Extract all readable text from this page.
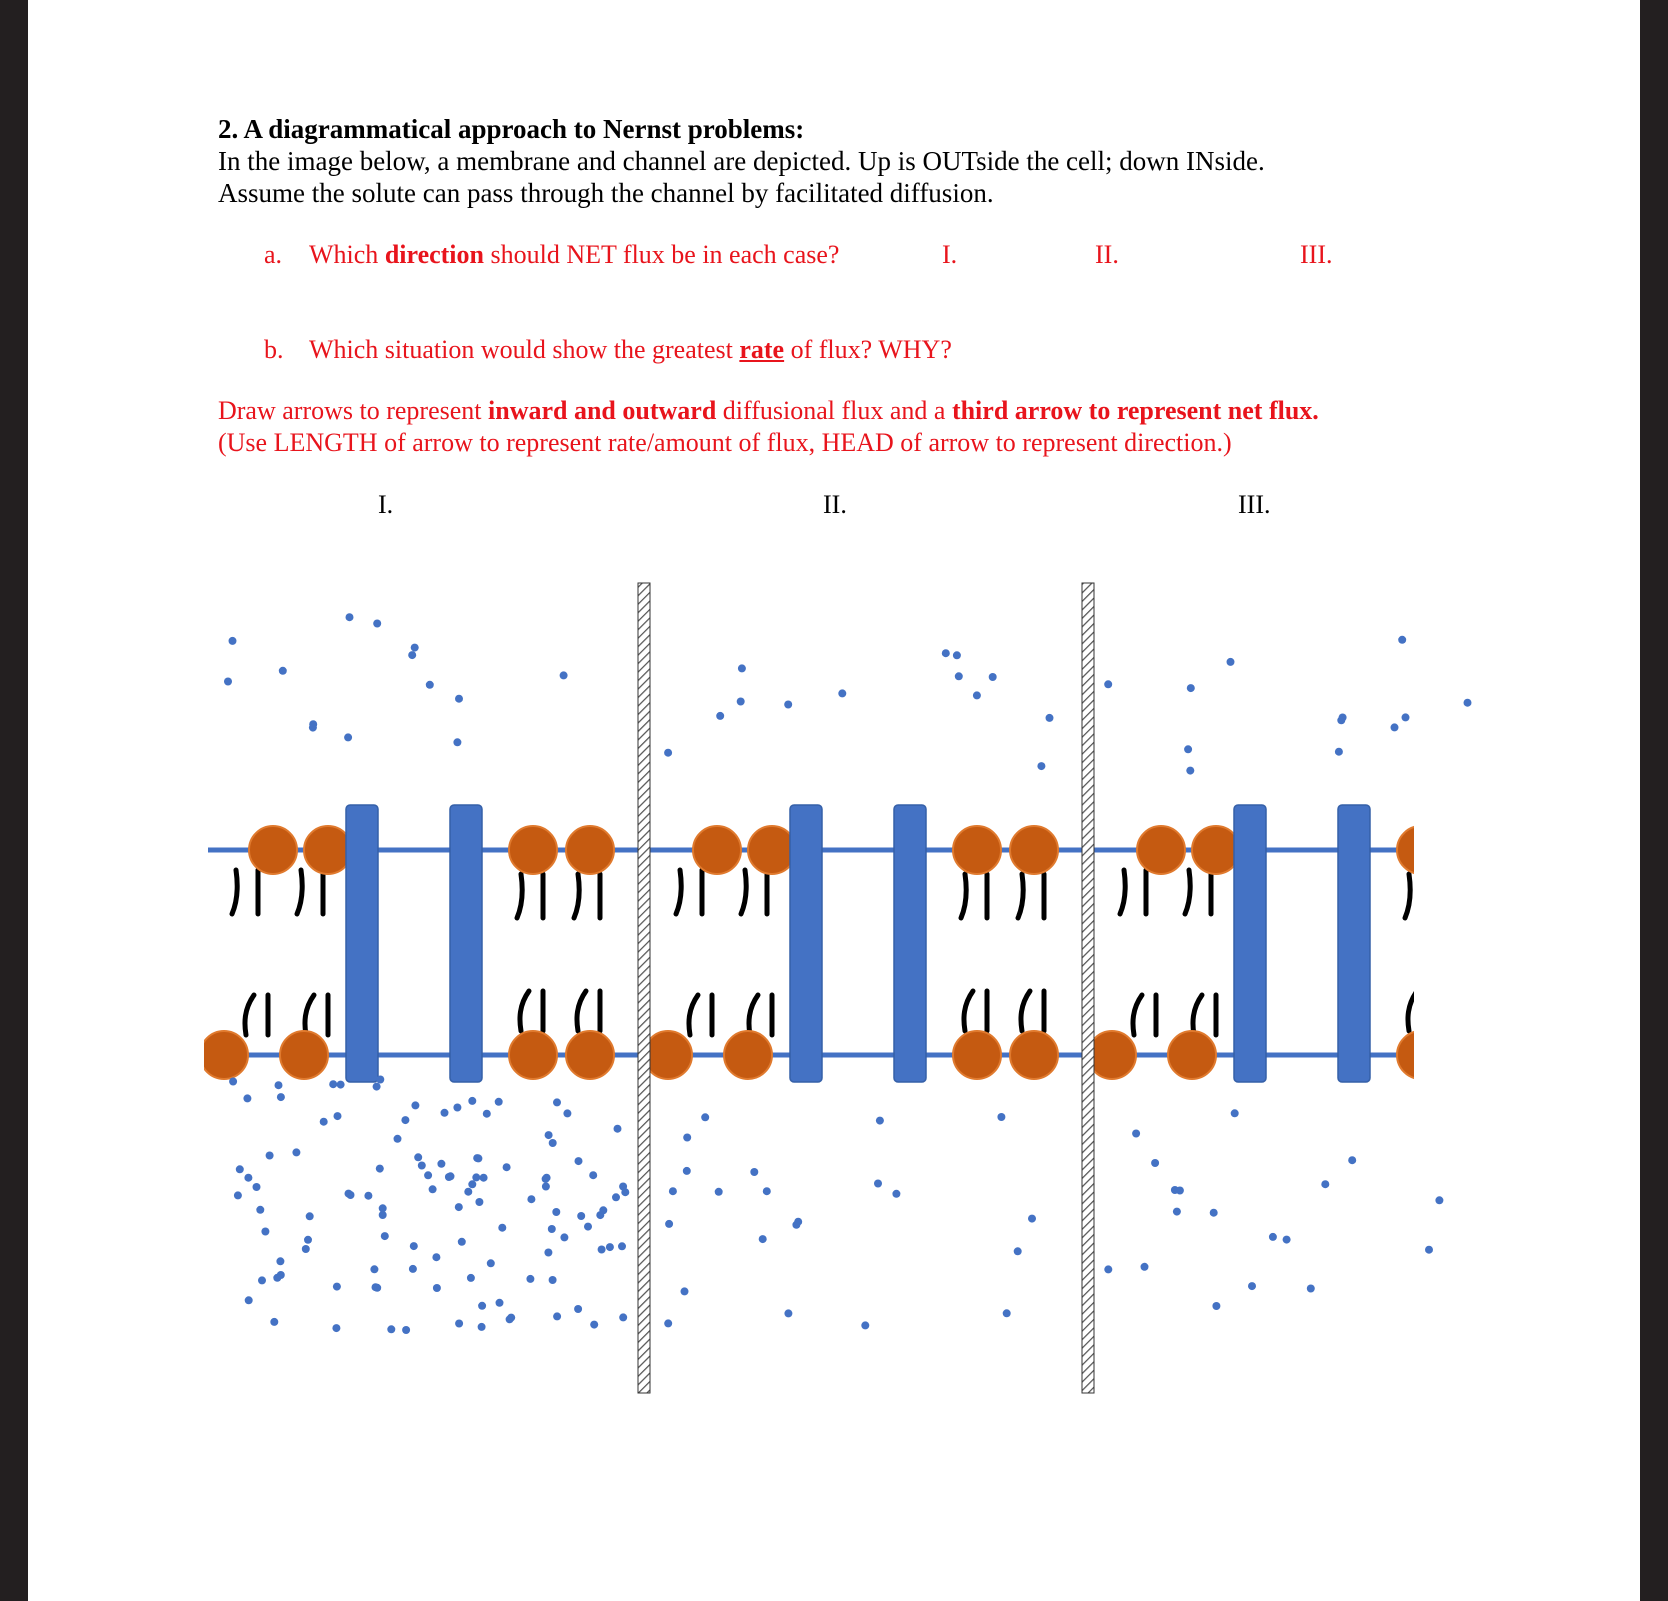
2. A diagrammatical approach to Nernst problems:
In the image below, a membrane and channel are depicted. Up is OUTside the cell; down INside.
Assume the solute can pass through the channel by facilitated diffusion.
a. Which direction should NET flux be in each case?	I.	II.	III.
b. Which situation would show the greatest rate of flux? WHY?
Draw arrows to represent inward and outward diffusional flux and a third arrow to represent net flux.
(Use LENGTH of arrow to represent rate/amount of flux, HEAD of arrow to represent direction.)
I.	II.	III.
